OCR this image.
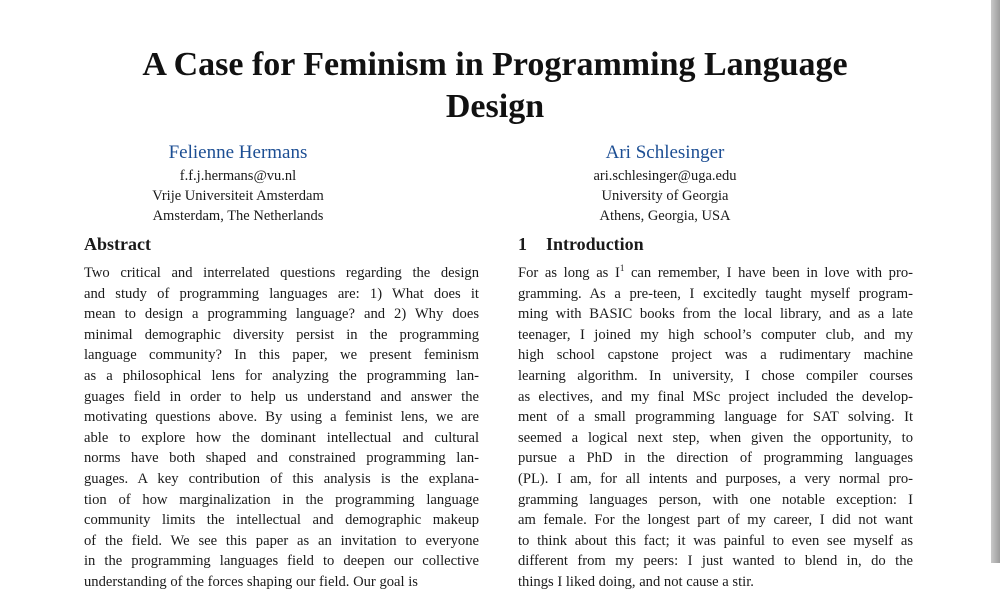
A Case for Feminism in Programming Language
Design
Felienne Hermans
f.f.j.hermans@vu.nl
Vrije Universiteit Amsterdam
Amsterdam, The Netherlands
Ari Schlesinger
ari.schlesinger@uga.edu
University of Georgia
Athens, Georgia, USA
Abstract
Two critical and interrelated questions regarding the design
and study of programming languages are: 1) What does it
mean to design a programming language? and 2) Why does
minimal demographic diversity persist in the programming
language community? In this paper, we present feminism
as a philosophical lens for analyzing the programming lan-
guages field in order to help us understand and answer the
motivating questions above. By using a feminist lens, we are
able to explore how the dominant intellectual and cultural
norms have both shaped and constrained programming lan-
guages. A key contribution of this analysis is the explana-
tion of how marginalization in the programming language
community limits the intellectual and demographic makeup
of the field. We see this paper as an invitation to everyone
in the programming languages field to deepen our collective
understanding of the forces shaping our field. Our goal is
1 Introduction
For as long as $I^1$ can remember, I have been in love with pro-
gramming. As a pre-teen, I excitedly taught myself program-
ming with BASIC books from the local library, and as a late
teenager, I joined my high school’s computer club, and my
high school capstone project was a rudimentary machine
learning algorithm. In university, I chose compiler courses
as electives, and my final MSc project included the develop-
ment of a small programming language for SAT solving. It
seemed a logical next step, when given the opportunity, to
pursue a PhD in the direction of programming languages
(PL). I am, for all intents and purposes, a very normal pro-
gramming languages person, with one notable exception: I
am female. For the longest part of my career, I did not want
to think about this fact; it was painful to even see myself as
different from my peers: I just wanted to blend in, do the
things I liked doing, and not cause a stir.
